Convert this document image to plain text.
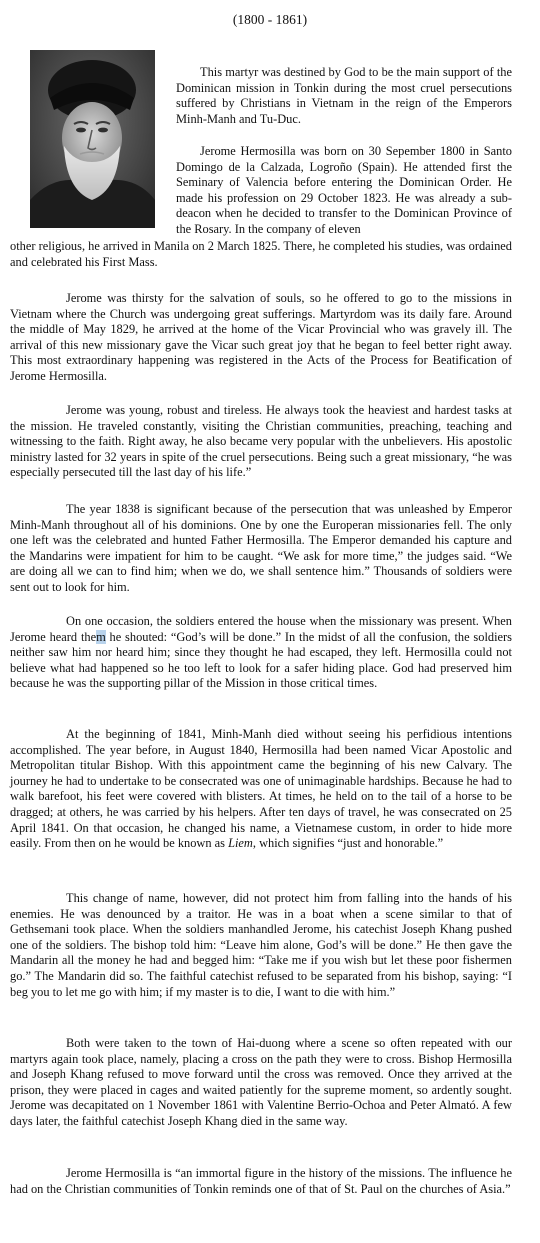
(1800 - 1861)

This martyr was destined by God to be the main support of the Dominican mission in Tonkin during the most cruel persecutions suffered by Christians in Vietnam in the reign of the Emperors Minh-Manh and Tu-Duc.

Jerome Hermosilla was born on 30 Sepember 1800 in Santo Domingo de la Calzada, Logroño (Spain). He attended first the Seminary of Valencia before entering the Dominican Order. He made his profession on 29 October 1823. He was already a sub-deacon when he decided to transfer to the Dominican Province of the Rosary. In the company of eleven

other religious, he arrived in Manila on 2 March 1825. There, he completed his studies, was ordained and celebrated his First Mass.

Jerome was thirsty for the salvation of souls, so he offered to go to the missions in Vietnam where the Church was undergoing great sufferings. Martyrdom was its daily fare. Around the middle of May 1829, he arrived at the home of the Vicar Provincial who was gravely ill. The arrival of this new missionary gave the Vicar such great joy that he began to feel better right away. This most extraordinary happening was registered in the Acts of the Process for Beatification of Jerome Hermosilla.

Jerome was young, robust and tireless. He always took the heaviest and hardest tasks at the mission. He traveled constantly, visiting the Christian communities, preaching, teaching and witnessing to the faith. Right away, he also became very popular with the unbelievers. His apostolic ministry lasted for 32 years in spite of the cruel persecutions. Being such a great missionary, “he was especially persecuted till the last day of his life.”

The year 1838 is significant because of the persecution that was unleashed by Emperor Minh-Manh throughout all of his dominions. One by one the Europeran missionaries fell. The only one left was the celebrated and hunted Father Hermosilla. The Emperor demanded his capture and the Mandarins were impatient for him to be caught. “We ask for more time,” the judges said. “We are doing all we can to find him; when we do, we shall sentence him.” Thousands of soldiers were sent out to look for him.

On one occasion, the soldiers entered the house when the missionary was present. When Jerome heard them he shouted: “God’s will be done.” In the midst of all the confusion, the soldiers neither saw him nor heard him; since they thought he had escaped, they left. Hermosilla could not believe what had happened so he too left to look for a safer hiding place. God had preserved him because he was the supporting pillar of the Mission in those critical times.

At the beginning of 1841, Minh-Manh died without seeing his perfidious intentions accomplished. The year before, in August 1840, Hermosilla had been named Vicar Apostolic and Metropolitan titular Bishop. With this appointment came the beginning of his new Calvary. The journey he had to undertake to be consecrated was one of unimaginable hardships. Because he had to walk barefoot, his feet were covered with blisters. At times, he held on to the tail of a horse to be dragged; at others, he was carried by his helpers. After ten days of travel, he was consecrated on 25 April 1841. On that occasion, he changed his name, a Vietnamese custom, in order to hide more easily. From then on he would be known as Liem, which signifies “just and honorable.”

This change of name, however, did not protect him from falling into the hands of his enemies. He was denounced by a traitor. He was in a boat when a scene similar to that of Gethsemani took place. When the soldiers manhandled Jerome, his catechist Joseph Khang pushed one of the soldiers. The bishop told him: “Leave him alone, God’s will be done.” He then gave the Mandarin all the money he had and begged him: “Take me if you wish but let these poor fishermen go.” The Mandarin did so. The faithful catechist refused to be separated from his bishop, saying: “I beg you to let me go with him; if my master is to die, I want to die with him.”

Both were taken to the town of Hai-duong where a scene so often repeated with our martyrs again took place, namely, placing a cross on the path they were to cross. Bishop Hermosilla and Joseph Khang refused to move forward until the cross was removed. Once they arrived at the prison, they were placed in cages and waited patiently for the supreme moment, so ardently sought. Jerome was decapitated on 1 November 1861 with Valentine Berrio-Ochoa and Peter Almató. A few days later, the faithful catechist Joseph Khang died in the same way.

Jerome Hermosilla is “an immortal figure in the history of the missions. The influence he had on the Christian communities of Tonkin reminds one of that of St. Paul on the churches of Asia.”
